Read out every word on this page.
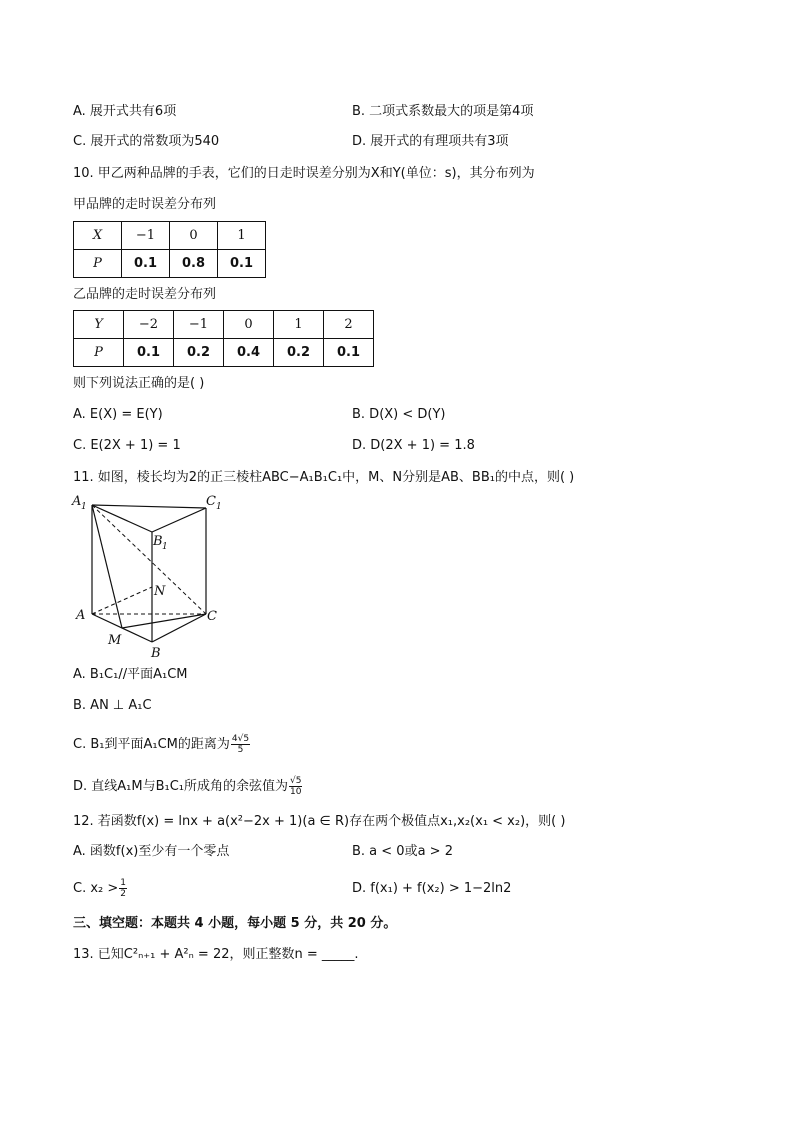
A. 展开式共有6项	B. 二项式系数最大的项是第4项
C. 展开式的常数项为540	D. 展开式的有理项共有3项
10. 甲乙两种品牌的手表，它们的日走时误差分别为X和Y(单位：s)，其分布列为
甲品牌的走时误差分布列
X	−1	0	1
P	0.1	0.8	0.1
乙品牌的走时误差分布列
Y	−2	−1	0	1	2
P	0.1	0.2	0.4	0.2	0.1
则下列说法正确的是( )
A. E(X) = E(Y)	B. D(X) < D(Y)
C. E(2X + 1) = 1	D. D(2X + 1) = 1.8
11. 如图，棱长均为2的正三棱柱ABC−A₁B₁C₁中，M、N分别是AB、BB₁的中点，则( )
A 1	C 1
B 1
N
A	C
M
B
A. B₁C₁//平面A₁CM
B. AN ⊥ A₁C
C. B₁到平面A₁CM的距离为 $\frac{4√5}{5}$
D. 直线A₁M与B₁C₁所成角的余弦值为 $\frac{√5}{10}$
12. 若函数f(x) = lnx + a(x²−2x + 1)(a ∈ R)存在两个极值点x₁,x₂(x₁ < x₂)，则( )
A. 函数f(x)至少有一个零点	B. a < 0或a > 2
C. $x_2 > \frac{1}{2}$	D. f(x₁) + f(x₂) > 1−2ln2
三、填空题：本题共 4 小题，每小题 5 分，共 20 分。
13. 已知C²ₙ₊₁ + A²ₙ = 22，则正整数n = _____.
